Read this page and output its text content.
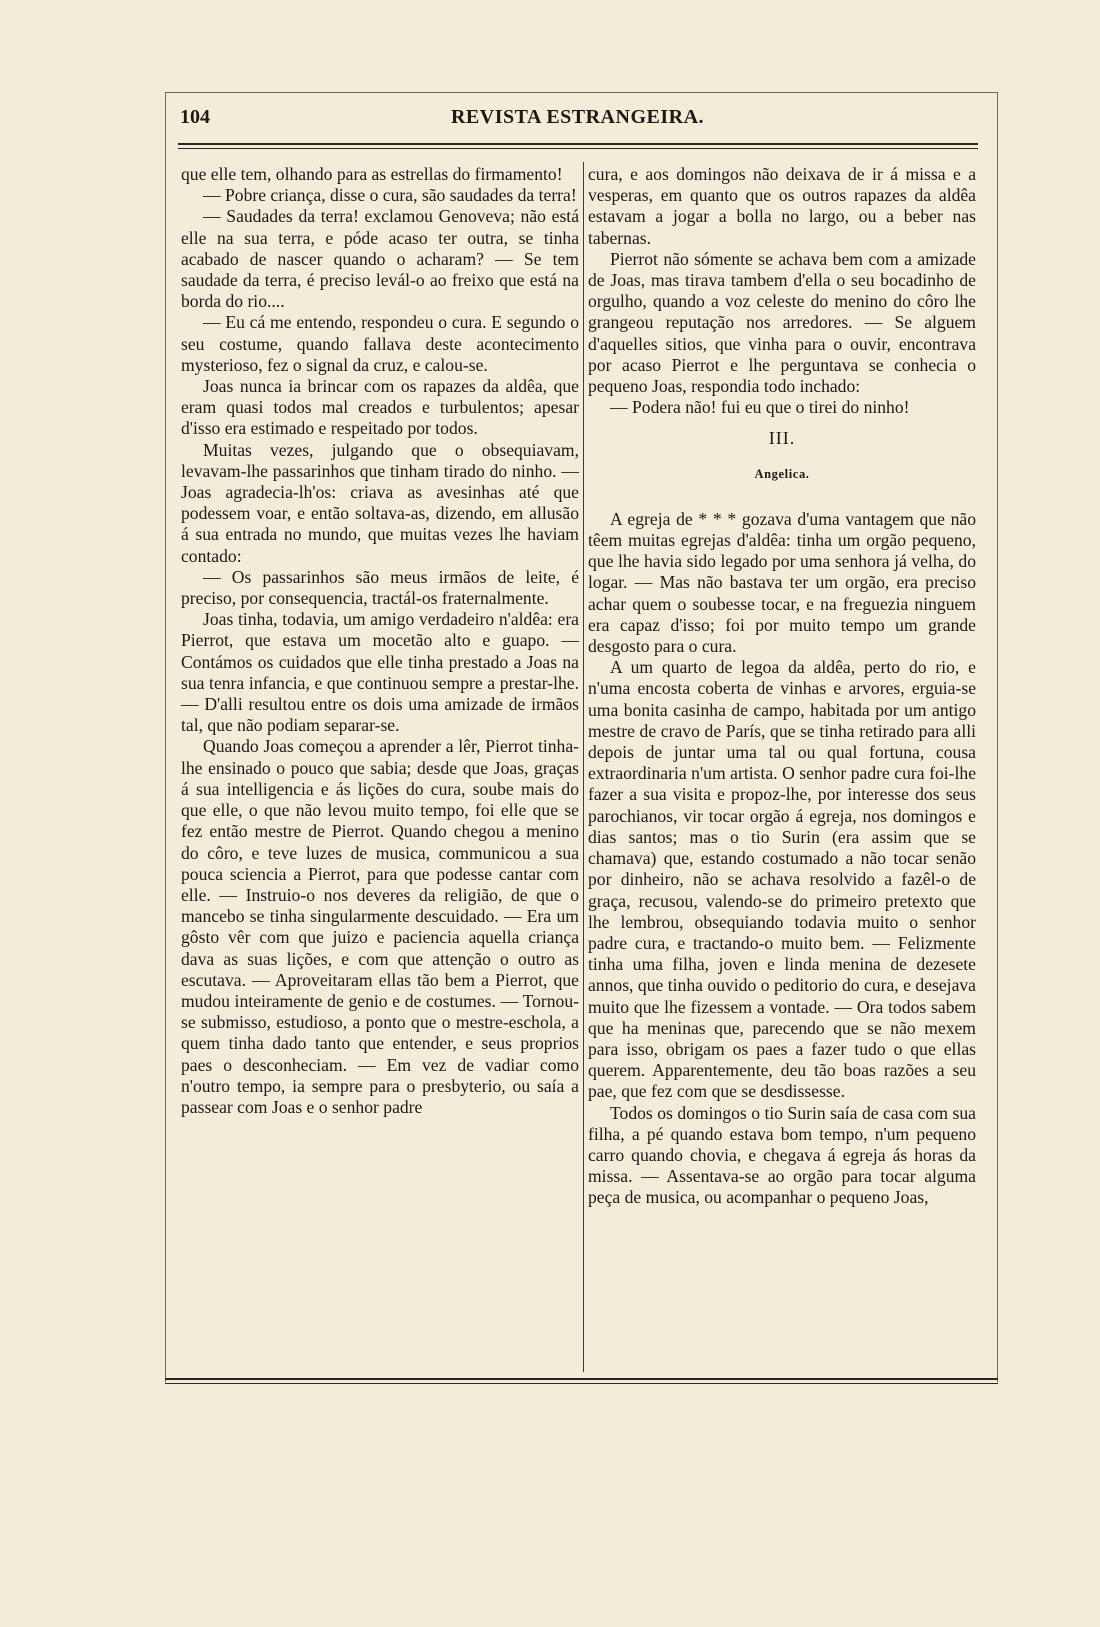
104	REVISTA ESTRANGEIRA.

que elle tem, olhando para as estrellas do firmamento!

— Pobre criança, disse o cura, são saudades da terra!

— Saudades da terra! exclamou Genoveva; não está elle na sua terra, e póde acaso ter outra, se tinha acabado de nascer quando o acharam? — Se tem saudade da terra, é preciso levál-o ao freixo que está na borda do rio....

— Eu cá me entendo, respondeu o cura. E segundo o seu costume, quando fallava deste acontecimento mysterioso, fez o signal da cruz, e calou-se.

Joas nunca ia brincar com os rapazes da aldêa, que eram quasi todos mal creados e turbulentos; apesar d'isso era estimado e respeitado por todos.

Muitas vezes, julgando que o obsequiavam, levavam-lhe passarinhos que tinham tirado do ninho. — Joas agradecia-lh'os: criava as avesinhas até que podessem voar, e então soltava-as, dizendo, em allusão á sua entrada no mundo, que muitas vezes lhe haviam contado:

— Os passarinhos são meus irmãos de leite, é preciso, por consequencia, tractál-os fraternalmente.

Joas tinha, todavia, um amigo verdadeiro n'aldêa: era Pierrot, que estava um mocetão alto e guapo. — Contámos os cuidados que elle tinha prestado a Joas na sua tenra infancia, e que continuou sempre a prestar-lhe. — D'alli resultou entre os dois uma amizade de irmãos tal, que não podiam separar-se.

Quando Joas começou a aprender a lêr, Pierrot tinha-lhe ensinado o pouco que sabia; desde que Joas, graças á sua intelligencia e ás lições do cura, soube mais do que elle, o que não levou muito tempo, foi elle que se fez então mestre de Pierrot. Quando chegou a menino do côro, e teve luzes de musica, communicou a sua pouca sciencia a Pierrot, para que podesse cantar com elle. — Instruio-o nos deveres da religião, de que o mancebo se tinha singularmente descuidado. — Era um gôsto vêr com que juizo e paciencia aquella criança dava as suas lições, e com que attenção o outro as escutava. — Aproveitaram ellas tão bem a Pierrot, que mudou inteiramente de genio e de costumes. — Tornou-se submisso, estudioso, a ponto que o mestre-eschola, a quem tinha dado tanto que entender, e seus proprios paes o desconheciam. — Em vez de vadiar como n'outro tempo, ia sempre para o presbyterio, ou saía a passear com Joas e o senhor padre

cura, e aos domingos não deixava de ir á missa e a vesperas, em quanto que os outros rapazes da aldêa estavam a jogar a bolla no largo, ou a beber nas tabernas.

Pierrot não sómente se achava bem com a amizade de Joas, mas tirava tambem d'ella o seu bocadinho de orgulho, quando a voz celeste do menino do côro lhe grangeou reputação nos arredores. — Se alguem d'aquelles sitios, que vinha para o ouvir, encontrava por acaso Pierrot e lhe perguntava se conhecia o pequeno Joas, respondia todo inchado:

— Podera não! fui eu que o tirei do ninho!

III.
Angelica.

A egreja de * * * gozava d'uma vantagem que não têem muitas egrejas d'aldêa: tinha um orgão pequeno, que lhe havia sido legado por uma senhora já velha, do logar. — Mas não bastava ter um orgão, era preciso achar quem o soubesse tocar, e na freguezia ninguem era capaz d'isso; foi por muito tempo um grande desgosto para o cura.

A um quarto de legoa da aldêa, perto do rio, e n'uma encosta coberta de vinhas e arvores, erguia-se uma bonita casinha de campo, habitada por um antigo mestre de cravo de París, que se tinha retirado para alli depois de juntar uma tal ou qual fortuna, cousa extraordinaria n'um artista. O senhor padre cura foi-lhe fazer a sua visita e propoz-lhe, por interesse dos seus parochianos, vir tocar orgão á egreja, nos domingos e dias santos; mas o tio Surin (era assim que se chamava) que, estando costumado a não tocar senão por dinheiro, não se achava resolvido a fazêl-o de graça, recusou, valendo-se do primeiro pretexto que lhe lembrou, obsequiando todavia muito o senhor padre cura, e tractando-o muito bem. — Felizmente tinha uma filha, joven e linda menina de dezesete annos, que tinha ouvido o peditorio do cura, e desejava muito que lhe fizessem a vontade. — Ora todos sabem que ha meninas que, parecendo que se não mexem para isso, obrigam os paes a fazer tudo o que ellas querem. Apparentemente, deu tão boas razões a seu pae, que fez com que se desdissesse.

Todos os domingos o tio Surin saía de casa com sua filha, a pé quando estava bom tempo, n'um pequeno carro quando chovia, e chegava á egreja ás horas da missa. — Assentava-se ao orgão para tocar alguma peça de musica, ou acompanhar o pequeno Joas,
